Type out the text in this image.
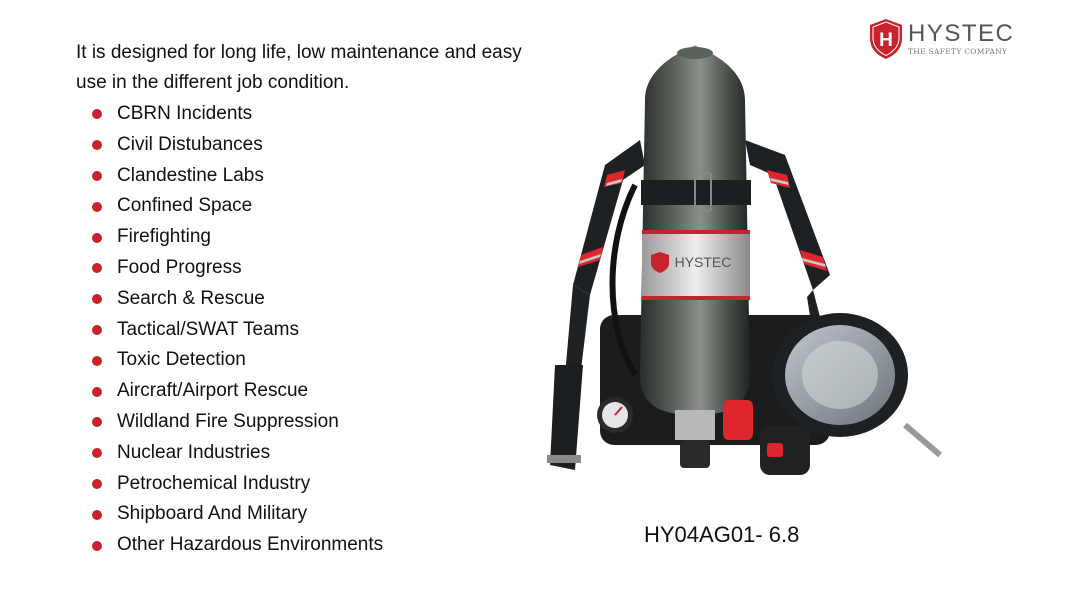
It is designed for long life, low maintenance and easy use in the different job condition.

CBRN Incidents
Civil Distubances
Clandestine Labs
Confined Space
Firefighting
Food Progress
Search & Rescue
Tactical/SWAT Teams
Toxic Detection
Aircraft/Airport Rescue
Wildland Fire Suppression
Nuclear Industries
Petrochemical Industry
Shipboard And Military
Other Hazardous Environments
H HYSTEC
THE SAFETY COMPANY
HYSTEC
HY04AG01- 6.8
